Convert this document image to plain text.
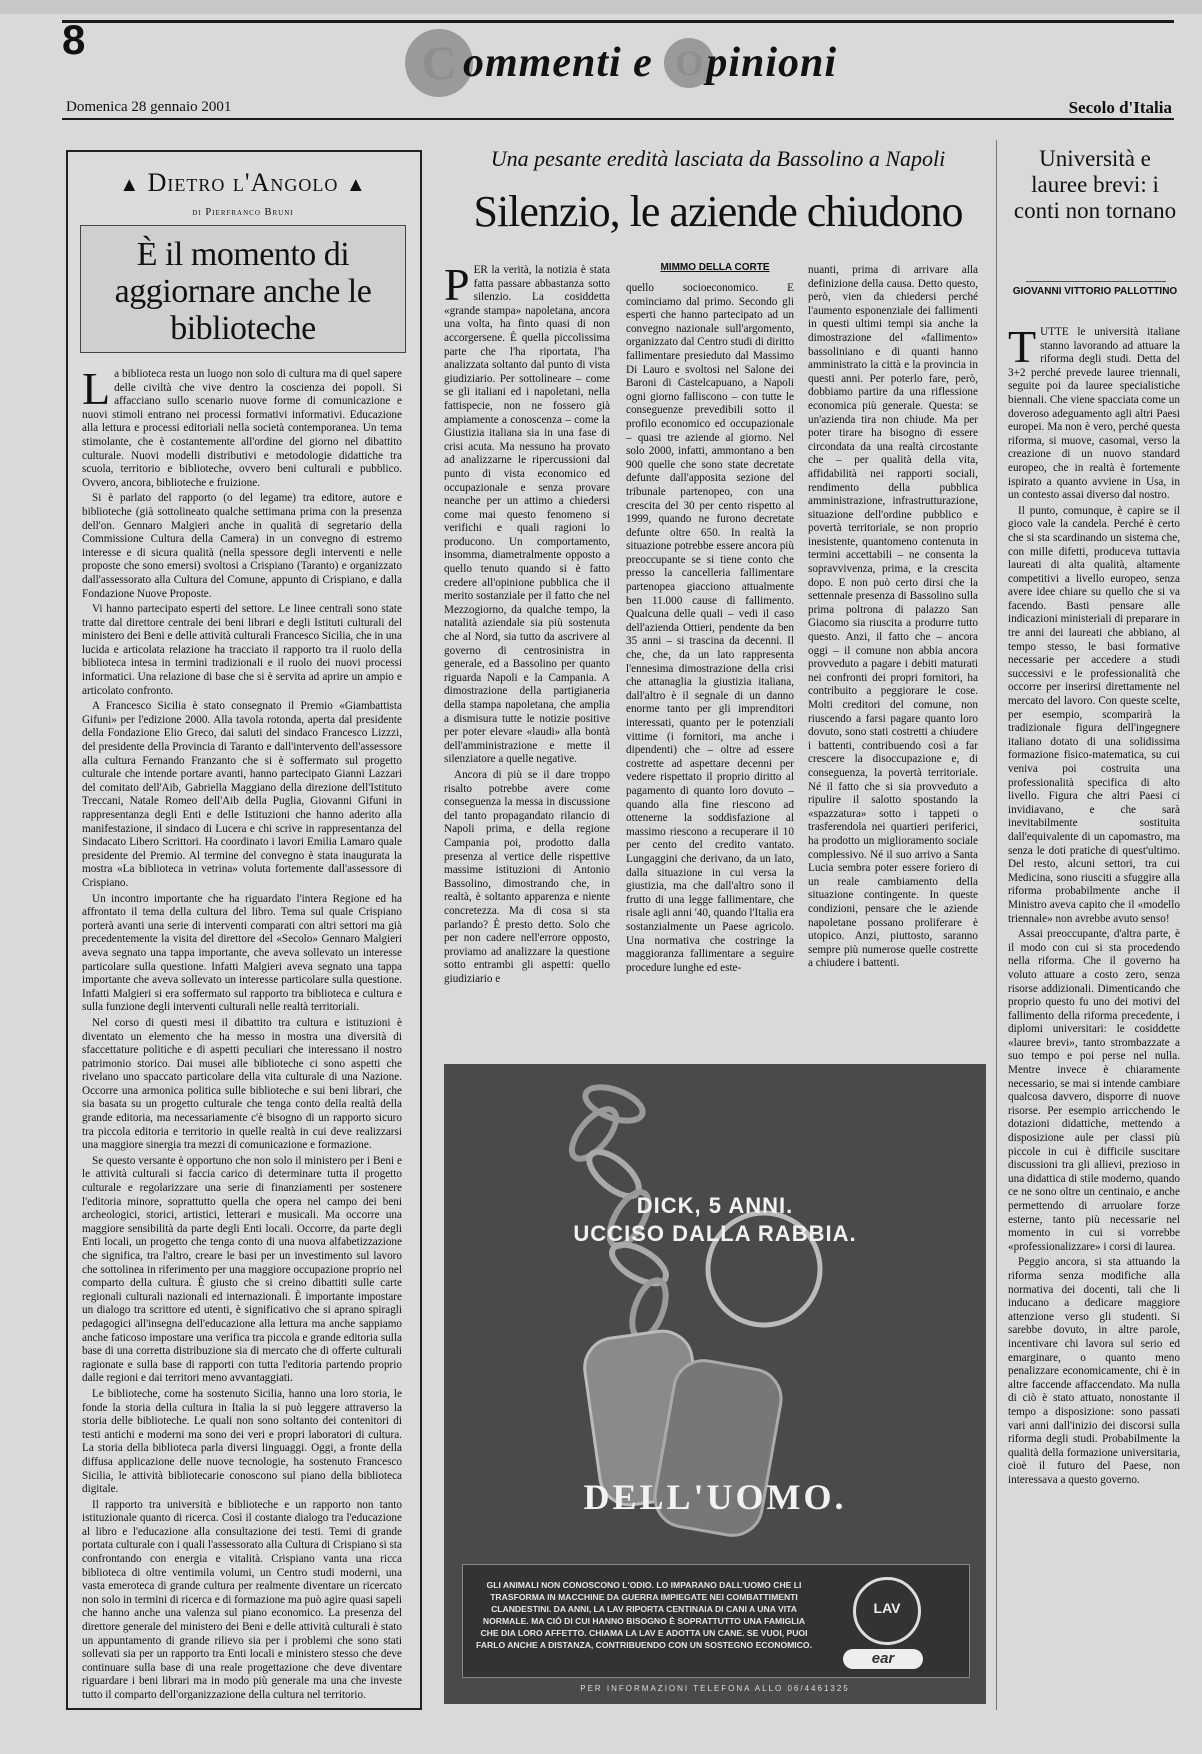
8	C ommenti e O pinioni
Domenica 28 gennaio 2001	Secolo d'Italia
▲ Dietro l'Angolo ▲
di Pierfranco Bruni
È il momento di aggiornare anche le biblioteche
L a biblioteca resta un luogo non solo di cultura ma di quel sapere delle civiltà che vive dentro la coscienza dei popoli. Si affacciano sullo scenario nuove forme di comunicazione e nuovi stimoli entrano nei processi formativi informativi. Educazione alla lettura e processi editoriali nella società contemporanea. Un tema stimolante, che è costantemente all'ordine del giorno nel dibattito culturale. Nuovi modelli distributivi e metodologie didattiche tra scuola, territorio e biblioteche, ovvero beni culturali e pubblico. Ovvero, ancora, biblioteche e fruizione.

Si è parlato del rapporto (o del legame) tra editore, autore e biblioteche (già sottolineato qualche settimana prima con la presenza dell'on. Gennaro Malgieri anche in qualità di segretario della Commissione Cultura della Camera) in un convegno di estremo interesse e di sicura qualità (nella spessore degli interventi e nelle proposte che sono emersi) svoltosi a Crispiano (Taranto) e organizzato dall'assessorato alla Cultura del Comune, appunto di Crispiano, e dalla Fondazione Nuove Proposte.

Vi hanno partecipato esperti del settore. Le linee centrali sono state tratte dal direttore centrale dei beni librari e degli Istituti culturali del ministero dei Beni e delle attività culturali Francesco Sicilia, che in una lucida e articolata relazione ha tracciato il rapporto tra il ruolo della biblioteca intesa in termini tradizionali e il ruolo dei nuovi processi informatici. Una relazione di base che si è servita ad aprire un ampio e articolato confronto.

A Francesco Sicilia è stato consegnato il Premio «Giambattista Gifuni» per l'edizione 2000. Alla tavola rotonda, aperta dal presidente della Fondazione Elio Greco, dai saluti del sindaco Francesco Lizzzi, del presidente della Provincia di Taranto e dall'intervento dell'assessore alla cultura Fernando Franzanto che si è soffermato sul progetto culturale che intende portare avanti, hanno partecipato Gianni Lazzari del comitato dell'Aib, Gabriella Maggiano della direzione dell'Istituto Treccani, Natale Romeo dell'Aib della Puglia, Giovanni Gifuni in rappresentanza degli Enti e delle Istituzioni che hanno aderito alla manifestazione, il sindaco di Lucera e chi scrive in rappresentanza del Sindacato Libero Scrittori. Ha coordinato i lavori Emilia Lamaro quale presidente del Premio. Al termine del convegno è stata inaugurata la mostra «La biblioteca in vetrina» voluta fortemente dall'assessore di Crispiano.

Un incontro importante che ha riguardato l'intera Regione ed ha affrontato il tema della cultura del libro. Tema sul quale Crispiano porterà avanti una serie di interventi comparati con altri settori ma già precedentemente la visita del direttore del «Secolo» Gennaro Malgieri aveva segnato una tappa importante, che aveva sollevato un interesse particolare sulla questione. Infatti Malgieri aveva segnato una tappa importante che aveva sollevato un interesse particolare sulla questione. Infatti Malgieri si era soffermato sul rapporto tra biblioteca e cultura e sulla funzione degli interventi culturali nelle realtà territoriali.

Nel corso di questi mesi il dibattito tra cultura e istituzioni è diventato un elemento che ha messo in mostra una diversità di sfaccettature politiche e di aspetti peculiari che interessano il nostro patrimonio storico. Dai musei alle biblioteche ci sono aspetti che rivelano uno spaccato particolare della vita culturale di una Nazione. Occorre una armonica politica sulle biblioteche e sui beni librari, che sia basata su un progetto culturale che tenga conto della realtà della grande editoria, ma necessariamente c'è bisogno di un rapporto sicuro tra piccola editoria e territorio in quelle realtà in cui deve realizzarsi una maggiore sinergia tra mezzi di comunicazione e formazione.

Se questo versante è opportuno che non solo il ministero per i Beni e le attività culturali si faccia carico di determinare tutta il progetto culturale e regolarizzare una serie di finanziamenti per sostenere l'editoria minore, soprattutto quella che opera nel campo dei beni archeologici, storici, artistici, letterari e musicali. Ma occorre una maggiore sensibilità da parte degli Enti locali. Occorre, da parte degli Enti locali, un progetto che tenga conto di una nuova alfabetizzazione che significa, tra l'altro, creare le basi per un investimento sul lavoro che sottolinea in riferimento per una maggiore occupazione proprio nel comparto della cultura. È giusto che si creino dibattiti sulle carte regionali culturali nazionali ed internazionali. È importante impostare un dialogo tra scrittore ed utenti, è significativo che si aprano spiragli pedagogici all'insegna dell'educazione alla lettura ma anche sappiamo anche faticoso impostare una verifica tra piccola e grande editoria sulla base di una corretta distribuzione sia di mercato che di offerte culturali ragionate e sulla base di rapporti con tutta l'editoria partendo proprio dalle regioni e dai territori meno avvantaggiati.

Le biblioteche, come ha sostenuto Sicilia, hanno una loro storia, le fonde la storia della cultura in Italia la si può leggere attraverso la storia delle biblioteche. Le quali non sono soltanto dei contenitori di testi antichi e moderni ma sono dei veri e propri laboratori di cultura. La storia della biblioteca parla diversi linguaggi. Oggi, a fronte della diffusa applicazione delle nuove tecnologie, ha sostenuto Francesco Sicilia, le attività bibliotecarie conoscono sul piano della biblioteca digitale.

Il rapporto tra università e biblioteche e un rapporto non tanto istituzionale quanto di ricerca. Così il costante dialogo tra l'educazione al libro e l'educazione alla consultazione dei testi. Temi di grande portata culturale con i quali l'assessorato alla Cultura di Crispiano si sta confrontando con energia e vitalità. Crispiano vanta una ricca biblioteca di oltre ventimila volumi, un Centro studi moderni, una vasta emeroteca di grande cultura per realmente diventare un ricercato non solo in termini di ricerca e di formazione ma può agire quasi sapeli che hanno anche una valenza sul piano economico. La presenza del direttore generale del ministero dei Beni e delle attività culturali è stato un appuntamento di grande rilievo sia per i problemi che sono stati sollevati sia per un rapporto tra Enti locali e ministero stesso che deve continuare sulla base di una reale progettazione che deve diventare riguardare i beni librari ma in modo più generale ma una che investe tutto il comparto dell'organizzazione della cultura nel territorio.

Una pesante eredità lasciata da Bassolino a Napoli
Silenzio, le aziende chiudono
MIMMO DELLA CORTE
P ER la verità, la notizia è stata fatta passare abbastanza sotto silenzio. La cosiddetta «grande stampa» napoletana, ancora una volta, ha finto quasi di non accorgersene. È quella piccolissima parte che l'ha riportata, l'ha analizzata soltanto dal punto di vista giudiziario. Per sottolineare – come se gli italiani ed i napoletani, nella fattispecie, non ne fossero già ampiamente a conoscenza – come la Giustizia italiana sia in una fase di crisi acuta. Ma nessuno ha provato ad analizzarne le ripercussioni dal punto di vista economico ed occupazionale e senza provare neanche per un attimo a chiedersi come mai questo fenomeno si verifichi e quali ragioni lo producono. Un comportamento, insomma, diametralmente opposto a quello tenuto quando si è fatto credere all'opinione pubblica che il merito sostanziale per il fatto che nel Mezzogiorno, da qualche tempo, la natalità aziendale sia più sostenuta che al Nord, sia tutto da ascrivere al governo di centrosinistra in generale, ed a Bassolino per quanto riguarda Napoli e la Campania. A dimostrazione della partigianeria della stampa napoletana, che amplia a dismisura tutte le notizie positive per poter elevare «laudi» alla bontà dell'amministrazione e mette il silenziatore a quelle negative.

Ancora di più se il dare troppo risalto potrebbe avere come conseguenza la messa in discussione del tanto propagandato rilancio di Napoli prima, e della regione Campania poi, prodotto dalla presenza al vertice delle rispettive massime istituzioni di Antonio Bassolino, dimostrando che, in realtà, è soltanto apparenza e niente concretezza. Ma di cosa si sta parlando? È presto detto. Solo che per non cadere nell'errore opposto, proviamo ad analizzare la questione sotto entrambi gli aspetti: quello giudiziario e

quello socioeconomico. E cominciamo dal primo. Secondo gli esperti che hanno partecipato ad un convegno nazionale sull'argomento, organizzato dal Centro studi di diritto fallimentare presieduto dal Massimo Di Lauro e svoltosi nel Salone dei Baroni di Castelcapuano, a Napoli ogni giorno falliscono – con tutte le conseguenze prevedibili sotto il profilo economico ed occupazionale – quasi tre aziende al giorno. Nel solo 2000, infatti, ammontano a ben 900 quelle che sono state decretate defunte dall'apposita sezione del tribunale partenopeo, con una crescita del 30 per cento rispetto al 1999, quando ne furono decretate defunte oltre 650. In realtà la situazione potrebbe essere ancora più preoccupante se si tiene conto che presso la cancelleria fallimentare partenopea giacciono attualmente ben 11.000 cause di fallimento. Qualcuna delle quali – vedi il caso dell'azienda Ottieri, pendente da ben 35 anni – si trascina da decenni. Il che, che, da un lato rappresenta l'ennesima dimostrazione della crisi che attanaglia la giustizia italiana, dall'altro è il segnale di un danno enorme tanto per gli imprenditori interessati, quanto per le potenziali vittime (i fornitori, ma anche i dipendenti) che – oltre ad essere costrette ad aspettare decenni per vedere rispettato il proprio diritto al pagamento di quanto loro dovuto – quando alla fine riescono ad ottenerne la soddisfazione al massimo riescono a recuperare il 10 per cento del credito vantato. Lungaggini che derivano, da un lato, dalla situazione in cui versa la giustizia, ma che dall'altro sono il frutto di una legge fallimentare, che risale agli anni '40, quando l'Italia era sostanzialmente un Paese agricolo. Una normativa che costringe la maggioranza fallimentare a seguire procedure lunghe ed este-

nuanti, prima di arrivare alla definizione della causa. Detto questo, però, vien da chiedersi perché l'aumento esponenziale dei fallimenti in questi ultimi tempi sia anche la dimostrazione del «fallimento» bassoliniano e di quanti hanno amministrato la città e la provincia in questi anni. Per poterlo fare, però, dobbiamo partire da una riflessione economica più generale. Questa: se un'azienda tira non chiude. Ma per poter tirare ha bisogno di essere circondata da una realtà circostante che – per qualità della vita, affidabilità nei rapporti sociali, rendimento della pubblica amministrazione, infrastrutturazione, situazione dell'ordine pubblico e povertà territoriale, se non proprio inesistente, quantomeno contenuta in termini accettabili – ne consenta la sopravvivenza, prima, e la crescita dopo. E non può certo dirsi che la settennale presenza di Bassolino sulla prima poltrona di palazzo San Giacomo sia riuscita a produrre tutto questo. Anzi, il fatto che – ancora oggi – il comune non abbia ancora provveduto a pagare i debiti maturati nei confronti dei propri fornitori, ha contribuito a peggiorare le cose. Molti creditori del comune, non riuscendo a farsi pagare quanto loro dovuto, sono stati costretti a chiudere i battenti, contribuendo così a far crescere la disoccupazione e, di conseguenza, la povertà territoriale. Né il fatto che si sia provveduto a ripulire il salotto spostando la «spazzatura» sotto i tappeti o trasferendola nei quartieri periferici, ha prodotto un miglioramento sociale complessivo. Né il suo arrivo a Santa Lucia sembra poter essere foriero di un reale cambiamento della situazione contingente. In queste condizioni, pensare che le aziende napoletane possano proliferare è utopico. Anzi, piuttosto, saranno sempre più numerose quelle costrette a chiudere i battenti.

DICK, 5 ANNI.
UCCISO DALLA RABBIA.
DELL'UOMO.
GLI ANIMALI NON CONOSCONO L'ODIO. LO IMPARANO DALL'UOMO CHE LI TRASFORMA IN MACCHINE DA GUERRA IMPIEGATE NEI COMBATTIMENTI CLANDESTINI. DA ANNI, LA LAV RIPORTA CENTINAIA DI CANI A UNA VITA NORMALE. MA CIÒ DI CUI HANNO BISOGNO È SOPRATTUTTO UNA FAMIGLIA CHE DIA LORO AFFETTO. CHIAMA LA LAV E ADOTTA UN CANE. SE VUOI, PUOI FARLO ANCHE A DISTANZA, CONTRIBUENDO CON UN SOSTEGNO ECONOMICO.
LAV
ear
PER INFORMAZIONI TELEFONA ALLO 06/4461325
Università e lauree brevi: i conti non tornano
GIOVANNI VITTORIO PALLOTTINO
T UTTE le università italiane stanno lavorando ad attuare la riforma degli studi. Detta del 3+2 perché prevede lauree triennali, seguite poi da lauree specialistiche biennali. Che viene spacciata come un doveroso adeguamento agli altri Paesi europei. Ma non è vero, perché questa riforma, si muove, casomai, verso la creazione di un nuovo standard europeo, che in realtà è fortemente ispirato a quanto avviene in Usa, in un contesto assai diverso dal nostro.

Il punto, comunque, è capire se il gioco vale la candela. Perché è certo che si sta scardinando un sistema che, con mille difetti, produceva tuttavia laureati di alta qualità, altamente competitivi a livello europeo, senza avere idee chiare su quello che si va facendo. Basti pensare alle indicazioni ministeriali di preparare in tre anni dei laureati che abbiano, al tempo stesso, le basi formative necessarie per accedere a studi successivi e le professionalità che occorre per inserirsi direttamente nel mercato del lavoro. Con queste scelte, per esempio, scomparirà la tradizionale figura dell'ingegnere italiano dotato di una solidissima formazione fisico-matematica, su cui veniva poi costruita una professionalità specifica di alto livello. Figura che altri Paesi ci invidiavano, e che sarà inevitabilmente sostituita dall'equivalente di un capomastro, ma senza le doti pratiche di quest'ultimo. Del resto, alcuni settori, tra cui Medicina, sono riusciti a sfuggire alla riforma probabilmente anche il Ministro aveva capito che il «modello triennale» non avrebbe avuto senso!

Assai preoccupante, d'altra parte, è il modo con cui si sta procedendo nella riforma. Che il governo ha voluto attuare a costo zero, senza risorse addizionali. Dimenticando che proprio questo fu uno dei motivi del fallimento della riforma precedente, i diplomi universitari: le cosiddette «lauree brevi», tanto strombazzate a suo tempo e poi perse nel nulla. Mentre invece è chiaramente necessario, se mai si intende cambiare qualcosa davvero, disporre di nuove risorse. Per esempio arricchendo le dotazioni didattiche, mettendo a disposizione aule per classi più piccole in cui è difficile suscitare discussioni tra gli allievi, prezioso in una didattica di stile moderno, quando ce ne sono oltre un centinaio, e anche permettendo di arruolare forze esterne, tanto più necessarie nel momento in cui si vorrebbe «professionalizzare» i corsi di laurea.

Peggio ancora, si sta attuando la riforma senza modifiche alla normativa dei docenti, tali che li inducano a dedicare maggiore attenzione verso gli studenti. Si sarebbe dovuto, in altre parole, incentivare chi lavora sul serio ed emarginare, o quanto meno penalizzare economicamente, chi è in altre faccende affaccendato. Ma nulla di ciò è stato attuato, nonostante il tempo a disposizione: sono passati vari anni dall'inizio dei discorsi sulla riforma degli studi. Probabilmente la qualità della formazione universitaria, cioè il futuro del Paese, non interessava a questo governo.
